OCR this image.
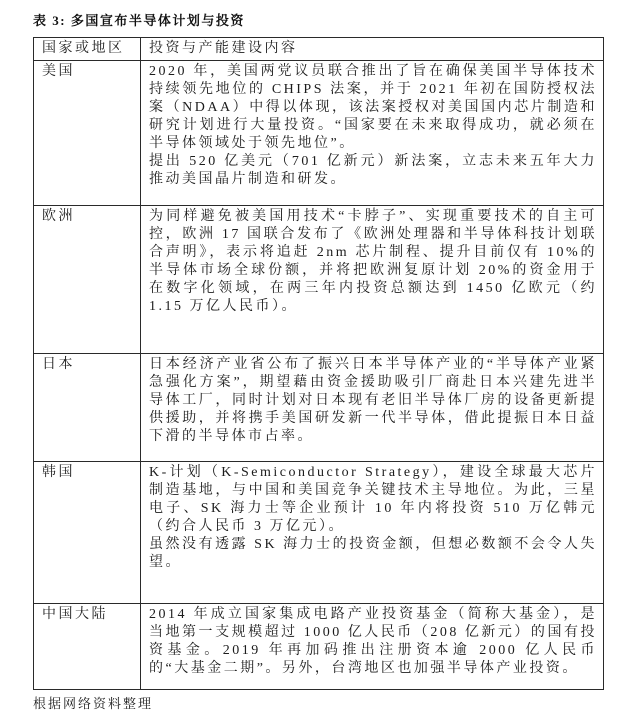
表 3: 多国宣布半导体计划与投资

国家或地区	投资与产能建设内容
美国	2020 年，美国两党议员联合推出了旨在确保美国半导体技术持续领先地位的 CHIPS 法案，并于 2021 年初在国防授权法案（NDAA）中得以体现，该法案授权对美国国内芯片制造和研究计划进行大量投资。“国家要在未来取得成功，就必须在半导体领域处于领先地位”。

提出 520 亿美元（701 亿新元）新法案，立志未来五年大力推动美国晶片制造和研发。

欧洲	为同样避免被美国用技术“卡脖子”、实现重要技术的自主可控，欧洲 17 国联合发布了《欧洲处理器和半导体科技计划联合声明》，表示将追赶 2nm 芯片制程、提升目前仅有 10%的半导体市场全球份额，并将把欧洲复原计划 20%的资金用于在数字化领域，在两三年内投资总额达到 1450 亿欧元（约 1.15 万亿人民币）。

日本	日本经济产业省公布了振兴日本半导体产业的“半导体产业紧急强化方案”，期望藉由资金援助吸引厂商赴日本兴建先进半导体工厂，同时计划对日本现有老旧半导体厂房的设备更新提供援助，并将携手美国研发新一代半导体，借此提振日本日益下滑的半导体市占率。

韩国	K-计划（K-Semiconductor Strategy），建设全球最大芯片制造基地，与中国和美国竞争关键技术主导地位。为此，三星电子、SK 海力士等企业预计 10 年内将投资 510 万亿韩元（约合人民币 3 万亿元）。

虽然没有透露 SK 海力士的投资金额，但想必数额不会令人失望。

中国大陆	2014 年成立国家集成电路产业投资基金（简称大基金），是当地第一支规模超过 1000 亿人民币（208 亿新元）的国有投资基金。2019 年再加码推出注册资本逾 2000 亿人民币的“大基金二期”。另外，台湾地区也加强半导体产业投资。

根据网络资料整理
